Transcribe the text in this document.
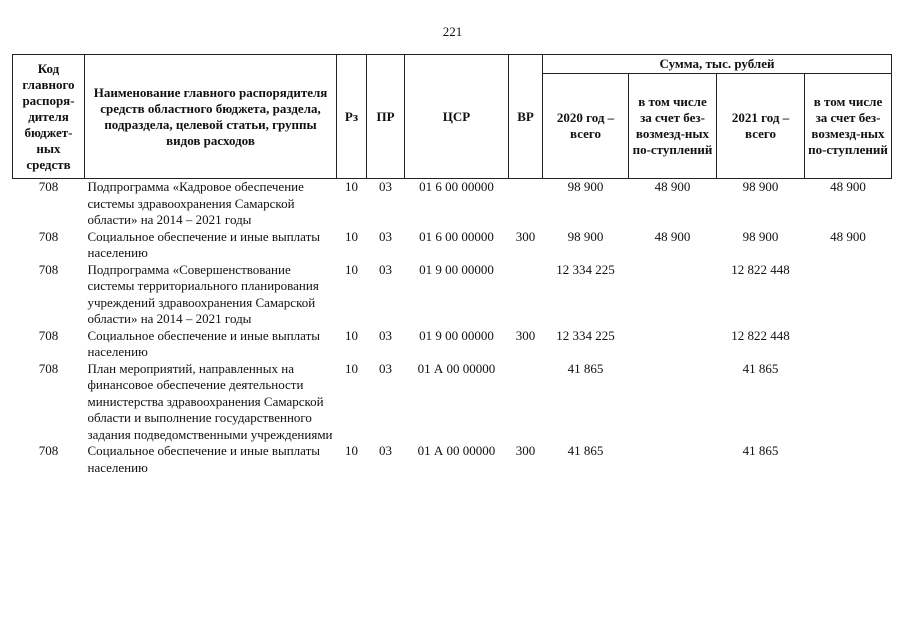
221
Код главного распоря-дителя бюджет-ных средств	Наименование главного распорядителя средств областного бюджета, раздела, подраздела, целевой статьи, группы видов расходов	Рз	ПР	ЦСР	ВР	Сумма, тыс. рублей			
						2020 год – всего	в том числе за счет без-возмезд-ных по-ступлений	2021 год – всего	в том числе за счет без-возмезд-ных по-ступлений
708	Подпрограмма «Кадровое обеспечение системы здравоохранения Самарской области» на 2014 – 2021 годы	10	03	01 6 00 00000		98 900	48 900	98 900	48 900
708	Социальное обеспечение и иные выплаты населению	10	03	01 6 00 00000	300	98 900	48 900	98 900	48 900
708	Подпрограмма «Совершенствование системы территориального планирования учреждений здравоохранения Самарской области» на 2014 – 2021 годы	10	03	01 9 00 00000		12 334 225		12 822 448	
708	Социальное обеспечение и иные выплаты населению	10	03	01 9 00 00000	300	12 334 225		12 822 448	
708	План мероприятий, направленных на финансовое обеспечение деятельности министерства здравоохранения Самарской области и выполнение государственного задания подведомственными учреждениями	10	03	01 А 00 00000		41 865		41 865	
708	Социальное обеспечение и иные выплаты населению	10	03	01 А 00 00000	300	41 865		41 865	
